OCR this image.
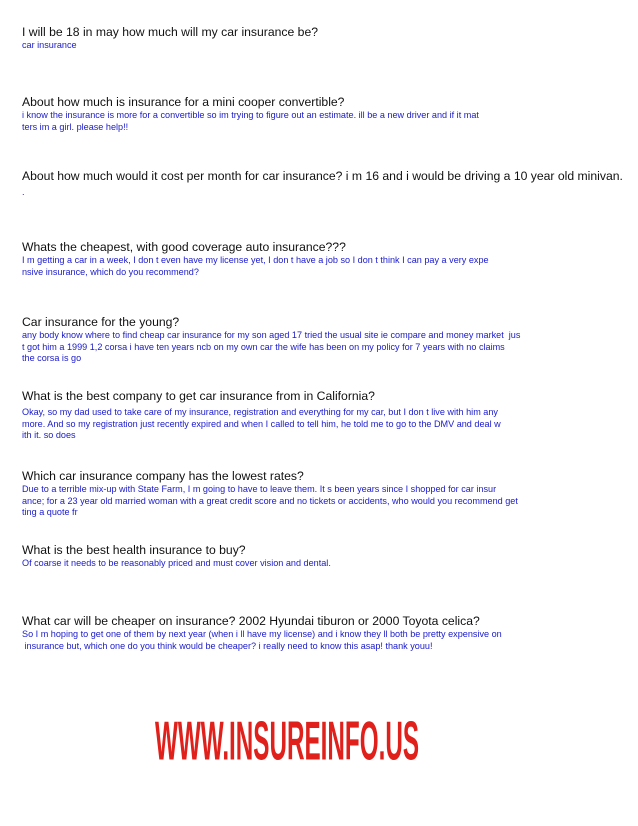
I will be 18 in may how much will my car insurance be?

car insurance

About how much is insurance for a mini cooper convertible?

i know the insurance is more for a convertible so im trying to figure out an estimate. ill be a new driver and if it mat

ters im a girl. please help!!

About how much would it cost per month for car insurance? i m 16 and i would be driving a 10 year old minivan.

.

Whats the cheapest, with good coverage auto insurance???

I m getting a car in a week, I don t even have my license yet, I don t have a job so I don t think I can pay a very expe

nsive insurance, which do you recommend?

Car insurance for the young?

any body know where to find cheap car insurance for my son aged 17 tried the usual site ie compare and money market  jus

t got him a 1999 1,2 corsa i have ten years ncb on my own car the wife has been on my policy for 7 years with no claims

the corsa is go

What is the best company to get car insurance from in California?

Okay, so my dad used to take care of my insurance, registration and everything for my car, but I don t live with him any

more. And so my registration just recently expired and when I called to tell him, he told me to go to the DMV and deal w

ith it. so does

Which car insurance company has the lowest rates?

Due to a terrible mix-up with State Farm, I m going to have to leave them. It s been years since I shopped for car insur

ance; for a 23 year old married woman with a great credit score and no tickets or accidents, who would you recommend get

ting a quote fr

What is the best health insurance to buy?

Of coarse it needs to be reasonably priced and must cover vision and dental.

What car will be cheaper on insurance? 2002 Hyundai tiburon or 2000 Toyota celica?

So I m hoping to get one of them by next year (when i ll have my license) and i know they ll both be pretty expensive on

insurance but, which one do you think would be cheaper? i really need to know this asap! thank youu!

WWW.INSUREINFO.US
